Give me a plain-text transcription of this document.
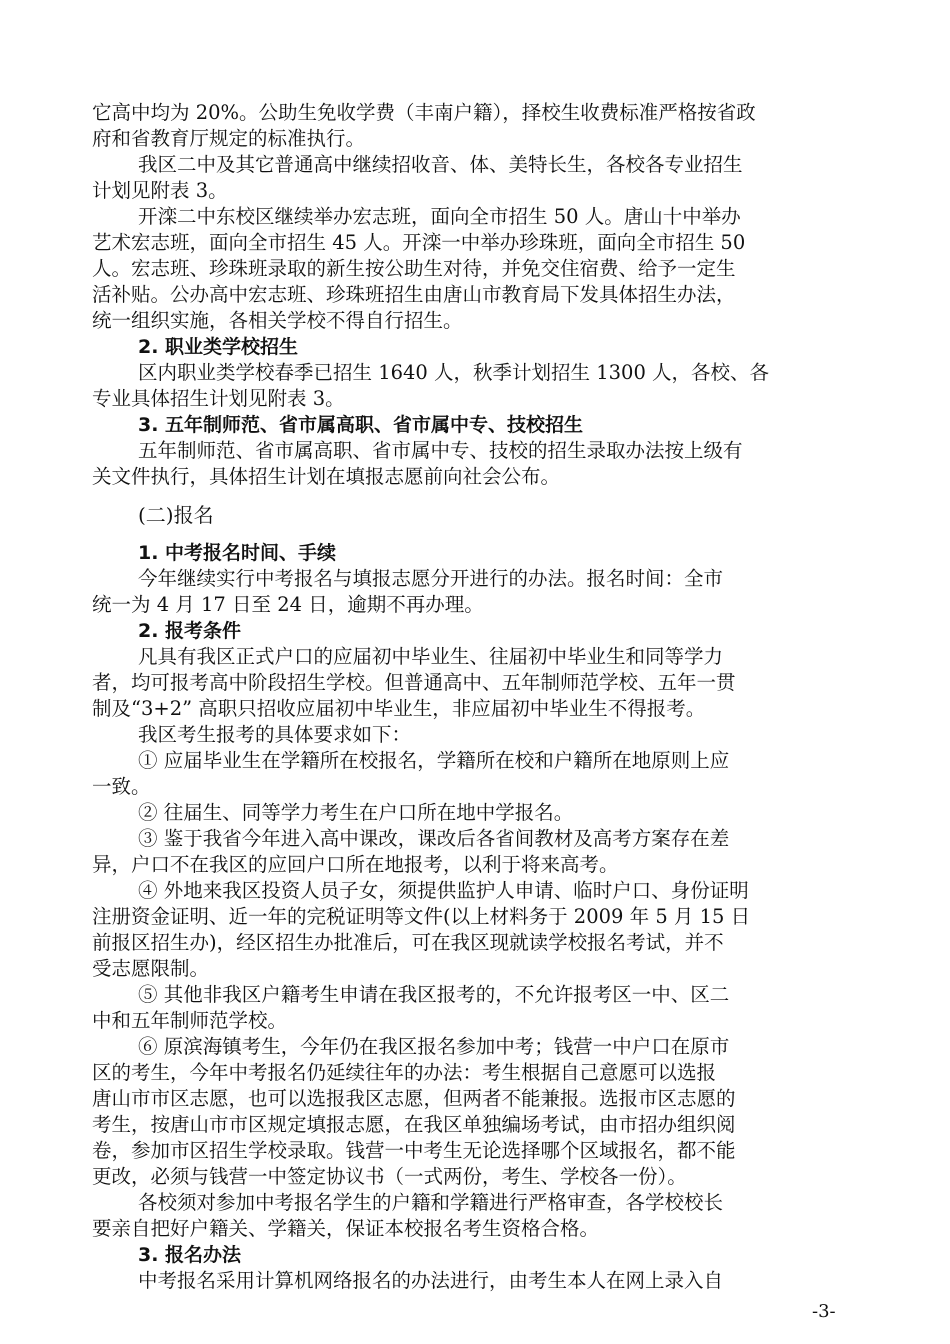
它高中均为 20%。公助生免收学费（丰南户籍），择校生收费标准严格按省政
府和省教育厅规定的标准执行。
我区二中及其它普通高中继续招收音、体、美特长生，各校各专业招生
计划见附表 3。
开滦二中东校区继续举办宏志班，面向全市招生 50 人。唐山十中举办
艺术宏志班，面向全市招生 45 人。开滦一中举办珍珠班，面向全市招生 50
人。宏志班、珍珠班录取的新生按公助生对待，并免交住宿费、给予一定生
活补贴。公办高中宏志班、珍珠班招生由唐山市教育局下发具体招生办法，
统一组织实施，各相关学校不得自行招生。
2. 职业类学校招生
区内职业类学校春季已招生 1640 人，秋季计划招生 1300 人，各校、各
专业具体招生计划见附表 3。
3. 五年制师范、省市属高职、省市属中专、技校招生
五年制师范、省市属高职、省市属中专、技校的招生录取办法按上级有
关文件执行，具体招生计划在填报志愿前向社会公布。
(二)报名
1. 中考报名时间、手续
今年继续实行中考报名与填报志愿分开进行的办法。报名时间：全市
统一为 4 月 17 日至 24 日，逾期不再办理。
2. 报考条件
凡具有我区正式户口的应届初中毕业生、往届初中毕业生和同等学力
者，均可报考高中阶段招生学校。但普通高中、五年制师范学校、五年一贯
制及“3+2” 高职只招收应届初中毕业生，非应届初中毕业生不得报考。
我区考生报考的具体要求如下：
① 应届毕业生在学籍所在校报名，学籍所在校和户籍所在地原则上应
一致。
② 往届生、同等学力考生在户口所在地中学报名。
③ 鉴于我省今年进入高中课改，课改后各省间教材及高考方案存在差
异，户口不在我区的应回户口所在地报考，以利于将来高考。
④ 外地来我区投资人员子女，须提供监护人申请、临时户口、身份证明
注册资金证明、近一年的完税证明等文件(以上材料务于 2009 年 5 月 15 日
前报区招生办)，经区招生办批准后，可在我区现就读学校报名考试，并不
受志愿限制。
⑤ 其他非我区户籍考生申请在我区报考的，不允许报考区一中、区二
中和五年制师范学校。
⑥ 原滨海镇考生，今年仍在我区报名参加中考；钱营一中户口在原市
区的考生，今年中考报名仍延续往年的办法：考生根据自己意愿可以选报
唐山市市区志愿，也可以选报我区志愿，但两者不能兼报。选报市区志愿的
考生，按唐山市市区规定填报志愿，在我区单独编场考试，由市招办组织阅
卷，参加市区招生学校录取。钱营一中考生无论选择哪个区域报名，都不能
更改，必须与钱营一中签定协议书（一式两份，考生、学校各一份）。
各校须对参加中考报名学生的户籍和学籍进行严格审查，各学校校长
要亲自把好户籍关、学籍关，保证本校报名考生资格合格。
3. 报名办法
中考报名采用计算机网络报名的办法进行，由考生本人在网上录入自
-3-
